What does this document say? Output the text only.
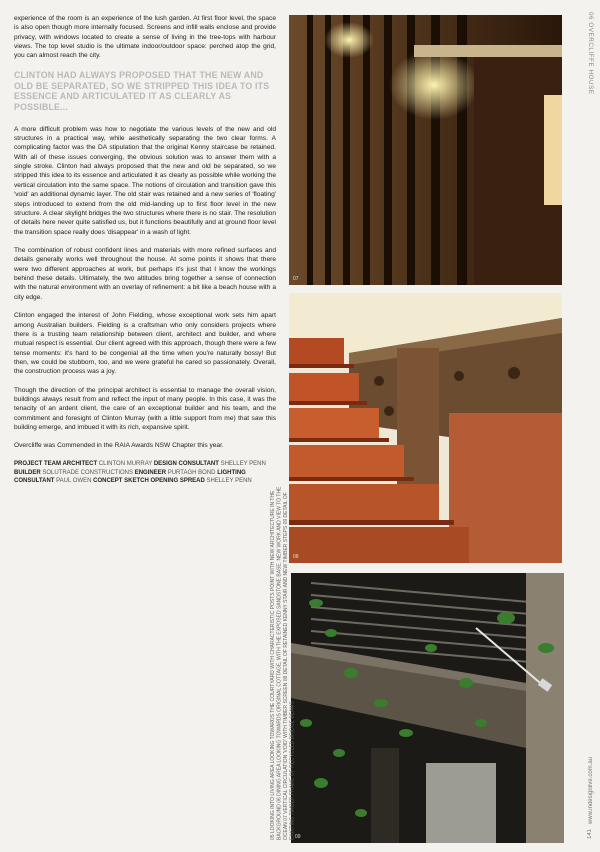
experience of the room is an experience of the lush garden. At first floor level, the space is also open though more internally focused. Screens and infill walls enclose and provide privacy, with windows located to create a sense of living in the tree-tops with harbour views. The top level studio is the ultimate indoor/outdoor space: perched atop the grid, you can almost reach the city.

CLINTON HAD ALWAYS PROPOSED THAT THE NEW AND OLD BE SEPARATED, SO WE STRIPPED THIS IDEA TO ITS ESSENCE AND ARTICULATED IT AS CLEARLY AS POSSIBLE...

A more difficult problem was how to negotiate the various levels of the new and old structures in a practical way, while aesthetically separating the two clear forms. A complicating factor was the DA stipulation that the original Kenny staircase be retained. With all of these issues converging, the obvious solution was to answer them with a single stroke. Clinton had always proposed that the new and old be separated, so we stripped this idea to its essence and articulated it as clearly as possible while working the vertical circulation into the same space. The notions of circulation and transition gave this 'void' an additional dynamic layer. The old stair was retained and a new series of 'floating' steps introduced to extend from the old mid-landing up to first floor level in the new structure. A clear skylight bridges the two structures where there is no stair. The resolution of details here never quite satisfied us, but it functions beautifully and at ground floor level the transition space really does 'disappear' in a wash of light.

The combination of robust confident lines and materials with more refined surfaces and details generally works well throughout the house. At some points it shows that there were two different approaches at work, but perhaps it's just that I know the workings behind these details. Ultimately, the two altitudes bring together a sense of connection with the natural environment with an overlay of refinement: a bit like a beach house with a city edge.

Clinton engaged the interest of John Fielding, whose exceptional work sets him apart among Australian builders. Fielding is a craftsman who only considers projects where there is a trusting team relationship between client, architect and builder, and where mutual respect is essential. Our client agreed with this approach, though there were a few tense moments: it's hard to be congenial all the time when you're naturally bossy! But then, we could be stubborn, too, and we were grateful he cared so passionately. Overall, the construction process was a joy.

Though the direction of the principal architect is essential to manage the overall vision, buildings always result from and reflect the input of many people. In this case, it was the tenacity of an ardent client, the care of an exceptional builder and his team, and the commitment and foresight of Clinton Murray (with a little support from me) that saw this building emerge, and imbued it with its rich, expansive spirit.

Overcliffe was Commended in the RAIA Awards NSW Chapter this year.

PROJECT TEAM ARCHITECT CLINTON MURRAY DESIGN CONSULTANT SHELLEY PENN BUILDER SOLUTRADE CONSTRUCTIONS ENGINEER PURTAGH BOND LIGHTING CONSULTANT PAUL OWEN CONCEPT SKETCH OPENING SPREAD SHELLEY PENN
07
08
09
05 LOOKING INTO LIVING AREA LOOKING TOWARDS THE COURTYARD WITH CHARACTERISTIC POSTS POINT WITH NEW ARCHITECTURE IN THE BACKGROUND 06 DINING AREA LOOKING TOWARDS ORIGINAL COTTAGE, WITH THE EXPOSED SANDSTONE BASE. NEW WORK AND VIEW TO THE OCEAN 07 VERTICAL CIRCULATION 'VOID' WITH TIMBER SCREEN 08 DETAIL OF RETAINED KENNY STAIR AND NEW TIMBER STEPS 09 DETAIL OF EXISTING TIMBER FRAME OF RECYCLED BRIDGE BEAMS
06 OVERCLIFFE HOUSE
www.indesignlive.com.au
141
